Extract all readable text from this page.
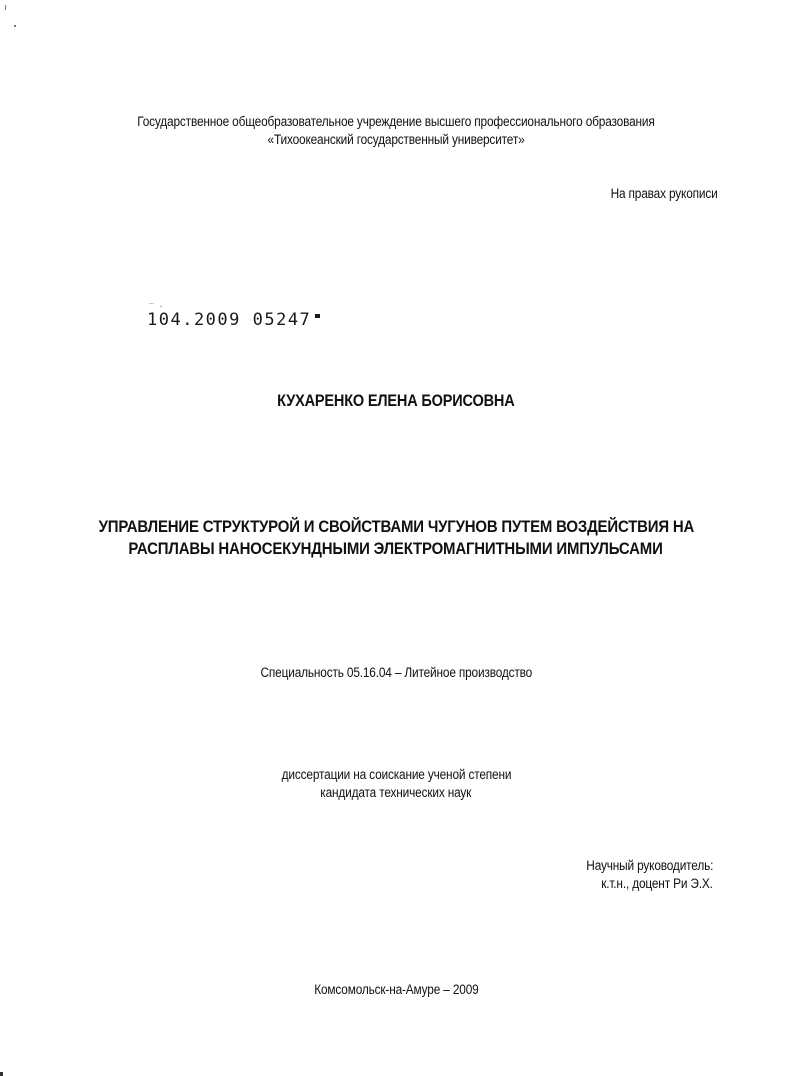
Государственное общеобразовательное учреждение высшего профессионального образования
«Тихоокеанский государственный университет»
На правах рукописи
‾ ·
104.2009 05247
КУХАРЕНКО ЕЛЕНА БОРИСОВНА
УПРАВЛЕНИЕ СТРУКТУРОЙ И СВОЙСТВАМИ ЧУГУНОВ ПУТЕМ ВОЗДЕЙСТВИЯ НА
РАСПЛАВЫ НАНОСЕКУНДНЫМИ ЭЛЕКТРОМАГНИТНЫМИ ИМПУЛЬСАМИ
Специальность 05.16.04 – Литейное производство
диссертации на соискание ученой степени
кандидата технических наук
Научный руководитель:
к.т.н., доцент Ри Э.Х.
Комсомольск-на-Амуре – 2009
